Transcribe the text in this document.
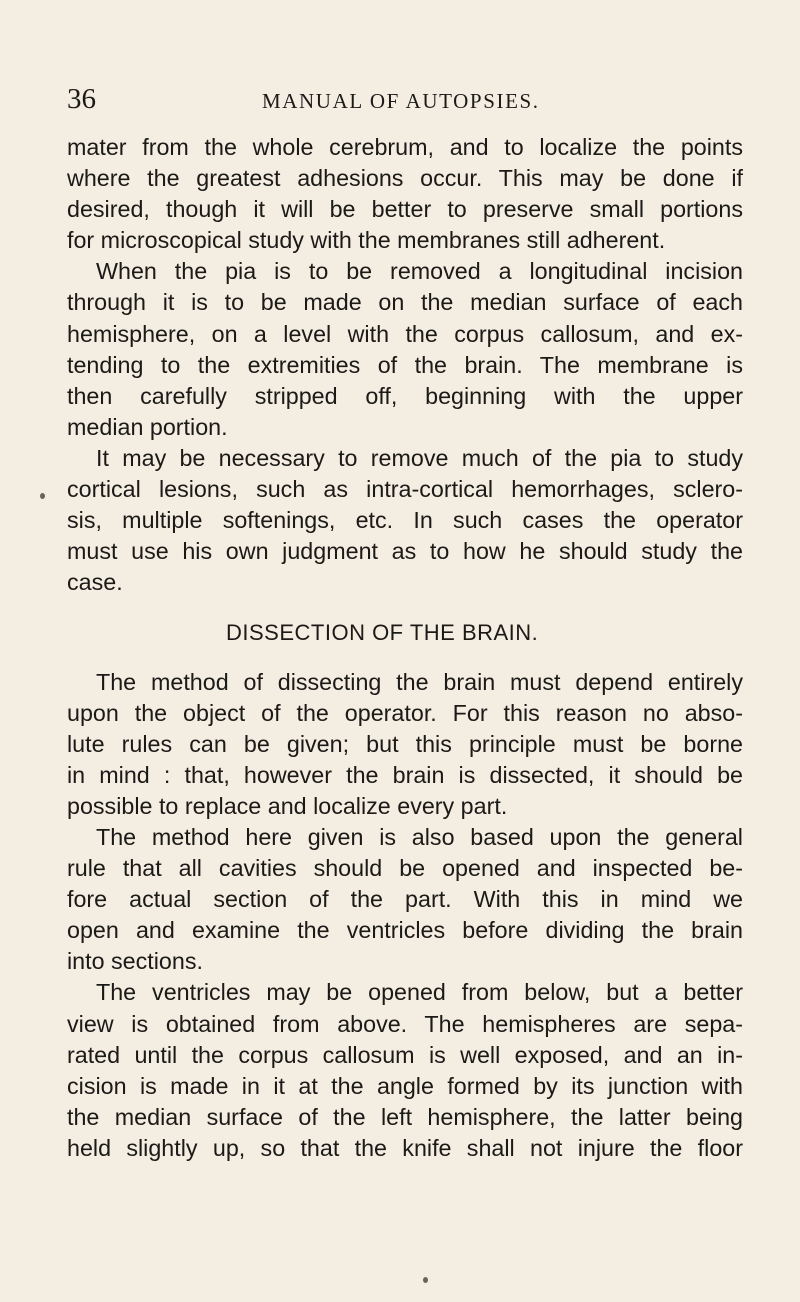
36	MANUAL OF AUTOPSIES.
mater from the whole cerebrum, and to localize the points
where the greatest adhesions occur. This may be done if
desired, though it will be better to preserve small portions
for microscopical study with the membranes still adherent.
When the pia is to be removed a longitudinal incision
through it is to be made on the median surface of each
hemisphere, on a level with the corpus callosum, and ex-
tending to the extremities of the brain. The membrane is
then carefully stripped off, beginning with the upper
median portion.
It may be necessary to remove much of the pia to study
cortical lesions, such as intra-cortical hemorrhages, sclero-
sis, multiple softenings, etc. In such cases the operator
must use his own judgment as to how he should study the
case.
DISSECTION OF THE BRAIN.
The method of dissecting the brain must depend entirely
upon the object of the operator. For this reason no abso-
lute rules can be given; but this principle must be borne
in mind : that, however the brain is dissected, it should be
possible to replace and localize every part.
The method here given is also based upon the general
rule that all cavities should be opened and inspected be-
fore actual section of the part. With this in mind we
open and examine the ventricles before dividing the brain
into sections.
The ventricles may be opened from below, but a better
view is obtained from above. The hemispheres are sepa-
rated until the corpus callosum is well exposed, and an in-
cision is made in it at the angle formed by its junction with
the median surface of the left hemisphere, the latter being
held slightly up, so that the knife shall not injure the floor
